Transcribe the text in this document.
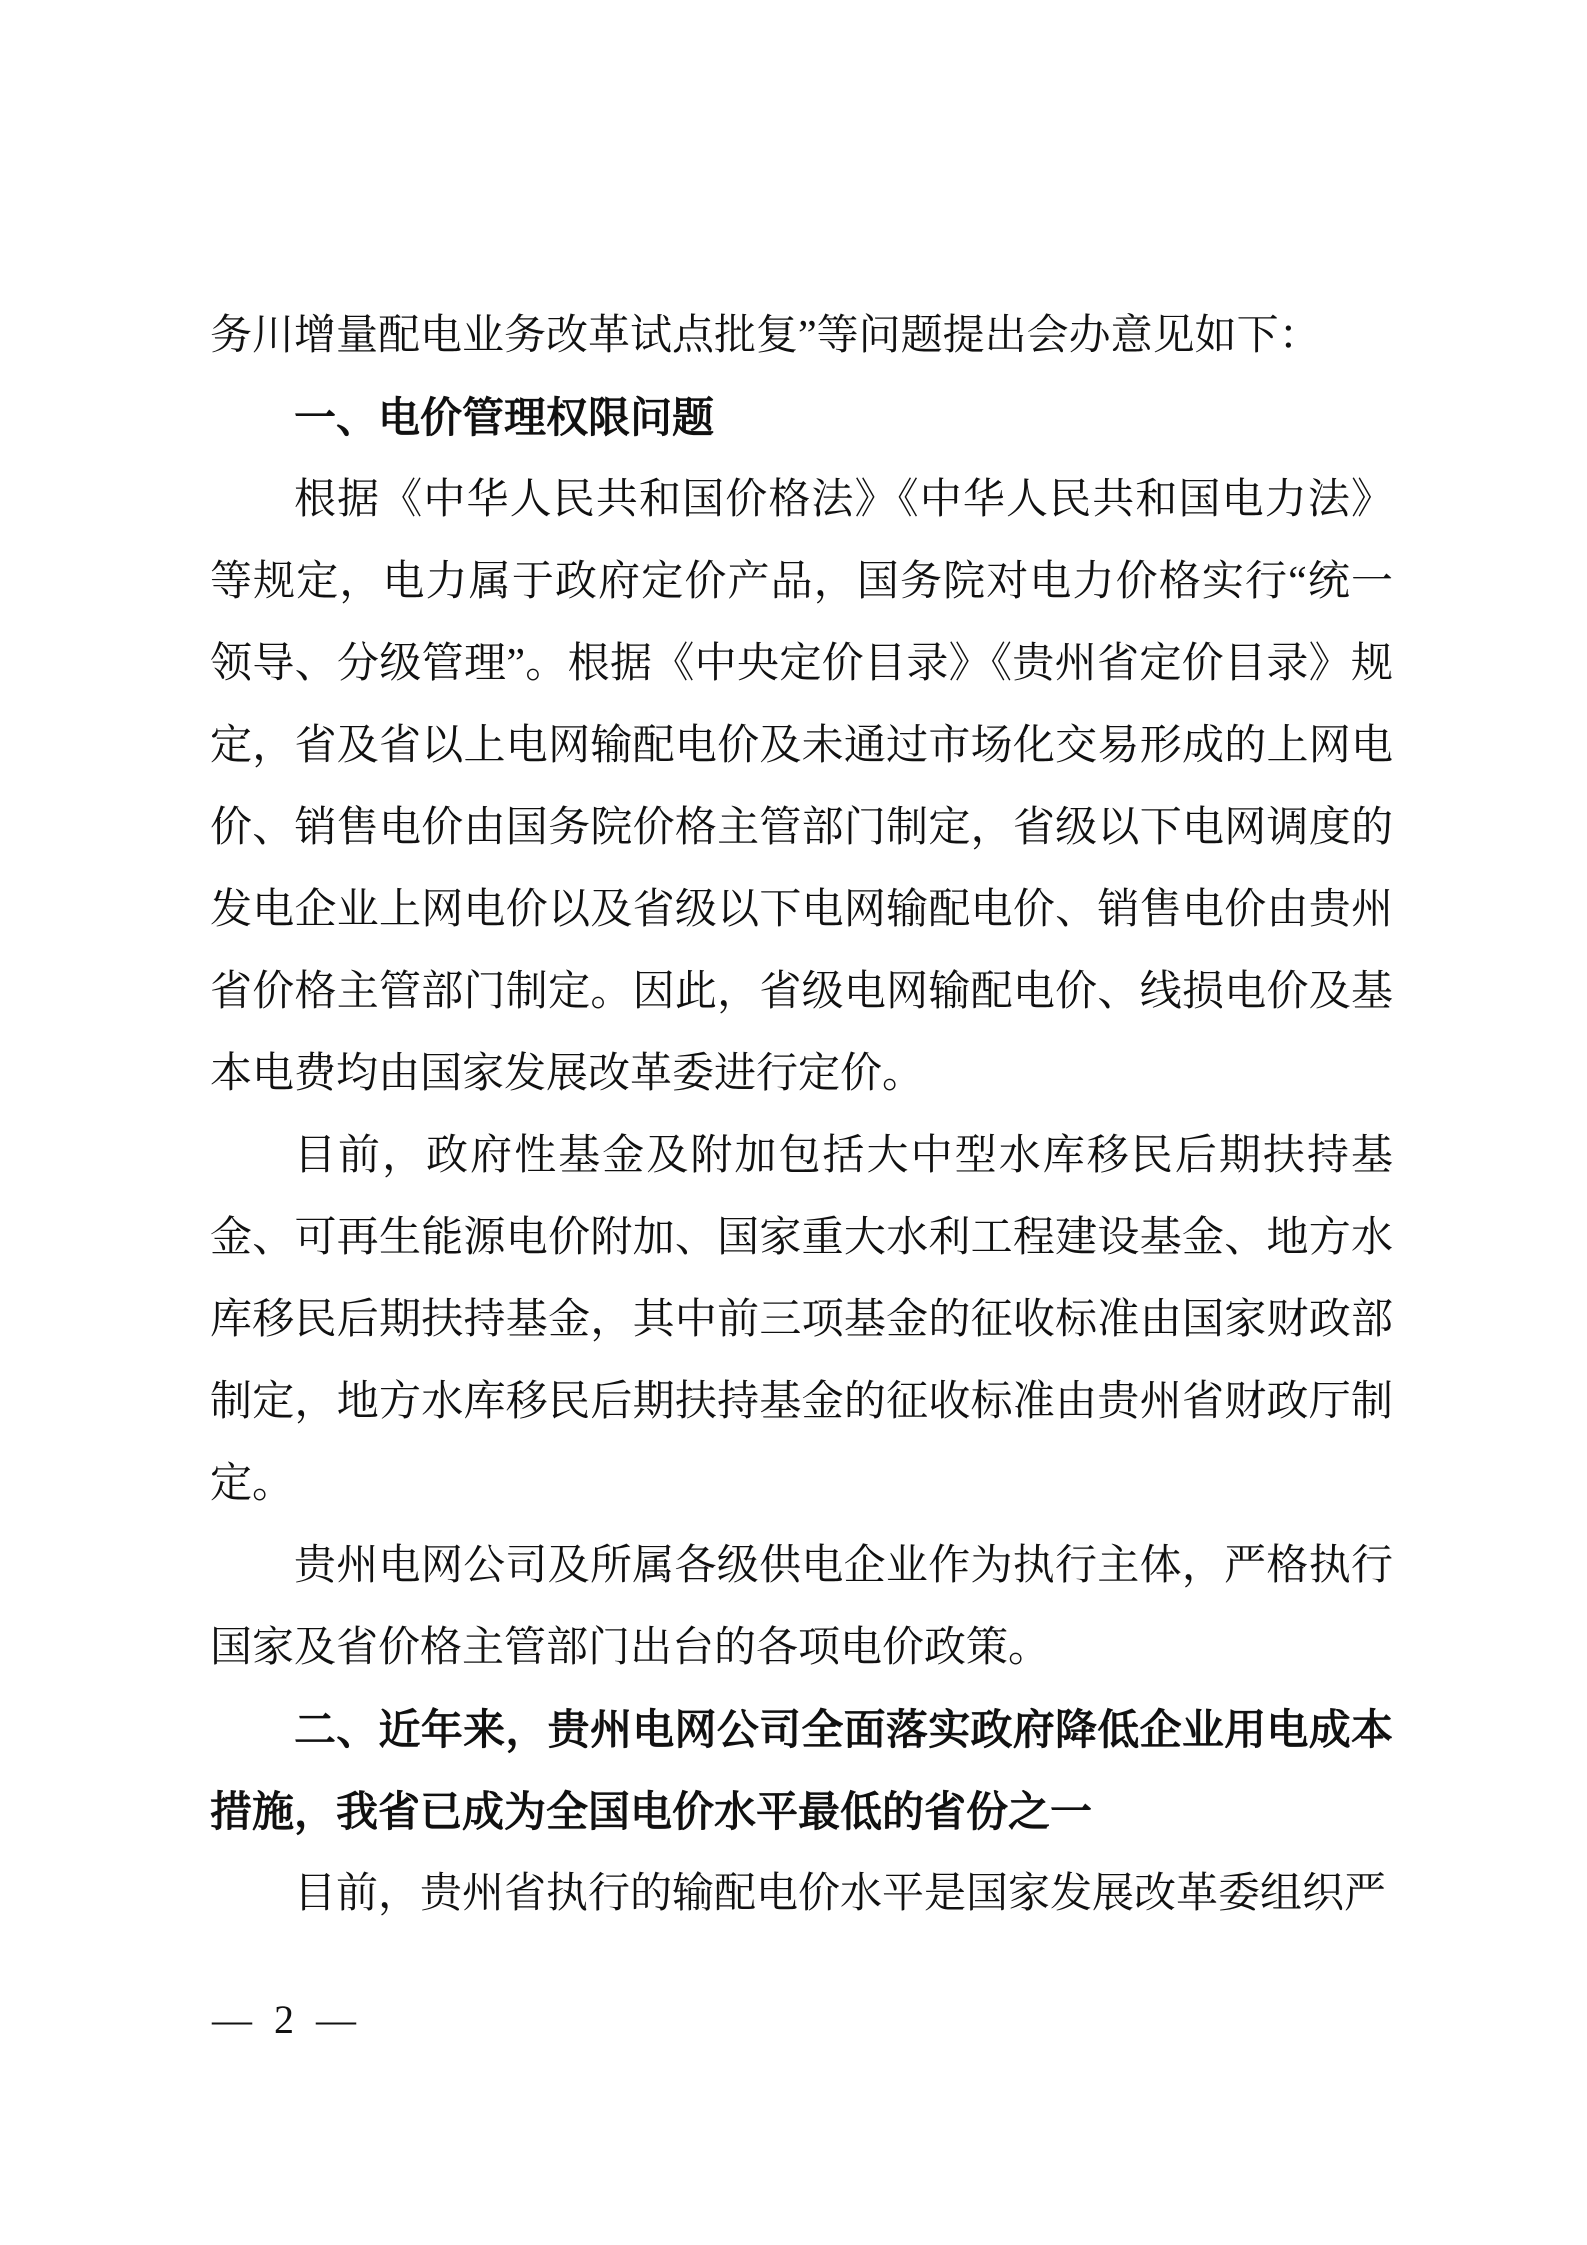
务川增量配电业务改革试点批复”等问题提出会办意见如下：

一、电价管理权限问题

根据《中华人民共和国价格法》《中华人民共和国电力法》等规定，电力属于政府定价产品，国务院对电力价格实行“统一领导、分级管理”。根据《中央定价目录》《贵州省定价目录》规定，省及省以上电网输配电价及未通过市场化交易形成的上网电价、销售电价由国务院价格主管部门制定，省级以下电网调度的发电企业上网电价以及省级以下电网输配电价、销售电价由贵州省价格主管部门制定。因此，省级电网输配电价、线损电价及基本电费均由国家发展改革委进行定价。

目前，政府性基金及附加包括大中型水库移民后期扶持基金、可再生能源电价附加、国家重大水利工程建设基金、地方水库移民后期扶持基金，其中前三项基金的征收标准由国家财政部制定，地方水库移民后期扶持基金的征收标准由贵州省财政厅制定。

贵州电网公司及所属各级供电企业作为执行主体，严格执行国家及省价格主管部门出台的各项电价政策。

二、近年来，贵州电网公司全面落实政府降低企业用电成本措施，我省已成为全国电价水平最低的省份之一

目前，贵州省执行的输配电价水平是国家发展改革委组织严

— 2 —
